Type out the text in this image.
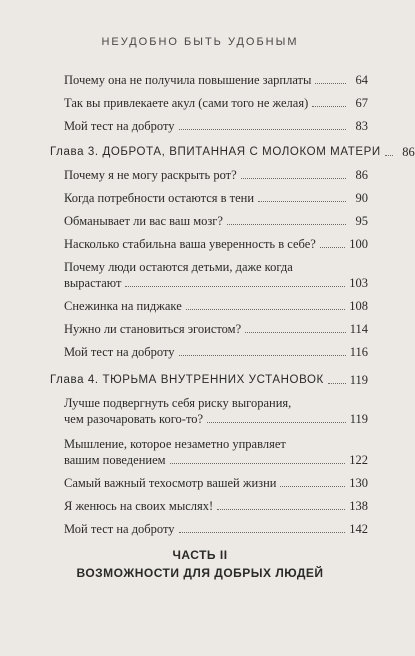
НЕУДОБНО БЫТЬ УДОБНЫМ
Почему она не получила повышение зарплаты	64
Так вы привлекаете акул (сами того не желая)	67
Мой тест на доброту	83
Глава 3. ДОБРОТА, ВПИТАННАЯ С МОЛОКОМ МАТЕРИ	86
Почему я не могу раскрыть рот?	86
Когда потребности остаются в тени	90
Обманывает ли вас ваш мозг?	95
Насколько стабильна ваша уверенность в себе?	100
Почему люди остаются детьми, даже когда
вырастают	103
Снежинка на пиджаке	108
Нужно ли становиться эгоистом?	114
Мой тест на доброту	116
Глава 4. ТЮРЬМА ВНУТРЕННИХ УСТАНОВОК 119
Лучше подвергнуть себя риску выгорания,
чем разочаровать кого-то?	119
Мышление, которое незаметно управляет
вашим поведением	122
Самый важный техосмотр вашей жизни	130
Я женюсь на своих мыслях!	138
Мой тест на доброту	142
ЧАСТЬ II
ВОЗМОЖНОСТИ ДЛЯ ДОБРЫХ ЛЮДЕЙ
